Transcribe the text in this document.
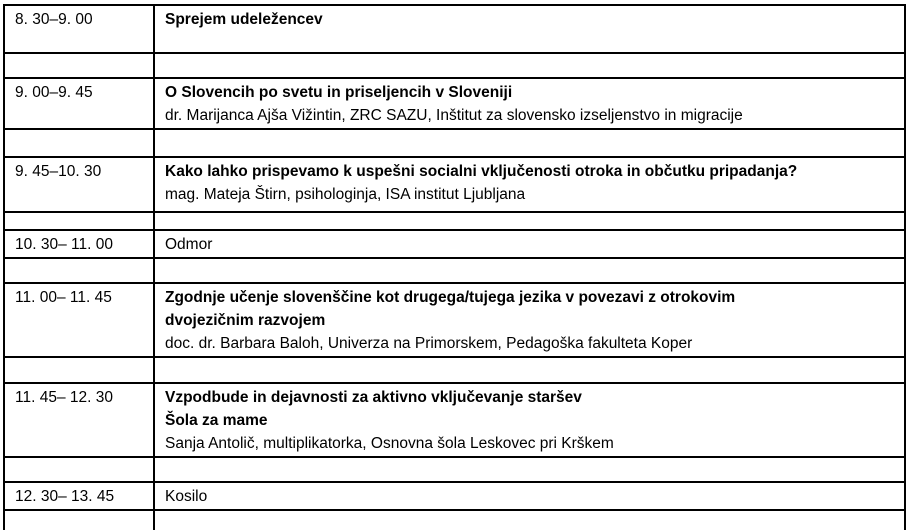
8. 30–9. 00	Sprejem udeležencev

9. 00–9. 45	O Slovencih po svetu in priseljencih v Sloveniji
dr. Marijanca Ajša Vižintin, ZRC SAZU, Inštitut za slovensko izseljenstvo in migracije

9. 45–10. 30	Kako lahko prispevamo k uspešni socialni vključenosti otroka in občutku pripadanja?
mag. Mateja Štirn, psihologinja, ISA institut Ljubljana

10. 30– 11. 00	Odmor

11. 00– 11. 45	Zgodnje učenje slovenščine kot drugega/tujega jezika v povezavi z otrokovim
dvojezičnim razvojem
doc. dr. Barbara Baloh, Univerza na Primorskem, Pedagoška fakulteta Koper

11. 45– 12. 30	Vzpodbude in dejavnosti za aktivno vključevanje staršev
Šola za mame
Sanja Antolič, multiplikatorka, Osnovna šola Leskovec pri Krškem

12. 30– 13. 45	Kosilo
